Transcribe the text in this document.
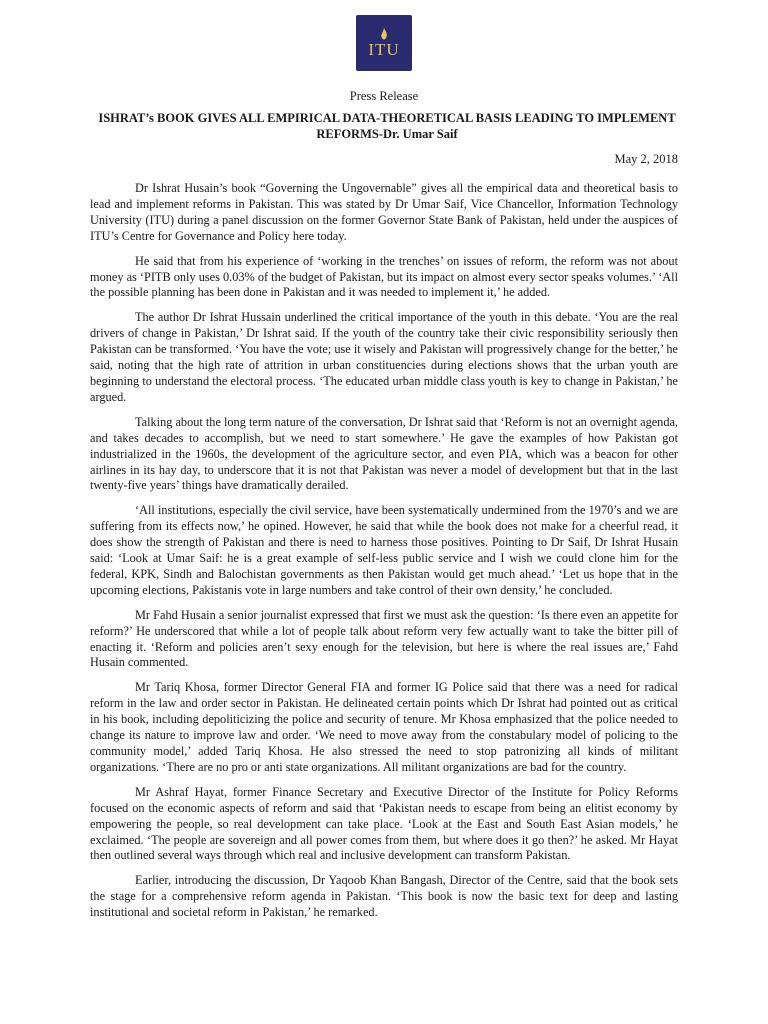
ITU
Press Release
ISHRAT’s BOOK GIVES ALL EMPIRICAL DATA-THEORETICAL BASIS LEADING TO IMPLEMENT REFORMS-Dr. Umar Saif
May 2, 2018

Dr Ishrat Husain’s book “Governing the Ungovernable” gives all the empirical data and theoretical basis to lead and implement reforms in Pakistan. This was stated by Dr Umar Saif, Vice Chancellor, Information Technology University (ITU) during a panel discussion on the former Governor State Bank of Pakistan, held under the auspices of ITU’s Centre for Governance and Policy here today.

He said that from his experience of ‘working in the trenches’ on issues of reform, the reform was not about money as ‘PITB only uses 0.03% of the budget of Pakistan, but its impact on almost every sector speaks volumes.’ ‘All the possible planning has been done in Pakistan and it was needed to implement it,’ he added.

The author Dr Ishrat Hussain underlined the critical importance of the youth in this debate. ‘You are the real drivers of change in Pakistan,’ Dr Ishrat said. If the youth of the country take their civic responsibility seriously then Pakistan can be transformed. ‘You have the vote; use it wisely and Pakistan will progressively change for the better,’ he said, noting that the high rate of attrition in urban constituencies during elections shows that the urban youth are beginning to understand the electoral process. ‘The educated urban middle class youth is key to change in Pakistan,’ he argued.

Talking about the long term nature of the conversation, Dr Ishrat said that ‘Reform is not an overnight agenda, and takes decades to accomplish, but we need to start somewhere.’ He gave the examples of how Pakistan got industrialized in the 1960s, the development of the agriculture sector, and even PIA, which was a beacon for other airlines in its hay day, to underscore that it is not that Pakistan was never a model of development but that in the last twenty-five years’ things have dramatically derailed.

‘All institutions, especially the civil service, have been systematically undermined from the 1970’s and we are suffering from its effects now,’ he opined. However, he said that while the book does not make for a cheerful read, it does show the strength of Pakistan and there is need to harness those positives. Pointing to Dr Saif, Dr Ishrat Husain said: ‘Look at Umar Saif: he is a great example of self-less public service and I wish we could clone him for the federal, KPK, Sindh and Balochistan governments as then Pakistan would get much ahead.’ ‘Let us hope that in the upcoming elections, Pakistanis vote in large numbers and take control of their own density,’ he concluded.

Mr Fahd Husain a senior journalist expressed that first we must ask the question: ‘Is there even an appetite for reform?’ He underscored that while a lot of people talk about reform very few actually want to take the bitter pill of enacting it. ‘Reform and policies aren’t sexy enough for the television, but here is where the real issues are,’ Fahd Husain commented.

Mr Tariq Khosa, former Director General FIA and former IG Police said that there was a need for radical reform in the law and order sector in Pakistan. He delineated certain points which Dr Ishrat had pointed out as critical in his book, including depoliticizing the police and security of tenure. Mr Khosa emphasized that the police needed to change its nature to improve law and order. ‘We need to move away from the constabulary model of policing to the community model,’ added Tariq Khosa. He also stressed the need to stop patronizing all kinds of militant organizations. ‘There are no pro or anti state organizations. All militant organizations are bad for the country.

Mr Ashraf Hayat, former Finance Secretary and Executive Director of the Institute for Policy Reforms focused on the economic aspects of reform and said that ‘Pakistan needs to escape from being an elitist economy by empowering the people, so real development can take place. ‘Look at the East and South East Asian models,’ he exclaimed. ‘The people are sovereign and all power comes from them, but where does it go then?’ he asked. Mr Hayat then outlined several ways through which real and inclusive development can transform Pakistan.

Earlier, introducing the discussion, Dr Yaqoob Khan Bangash, Director of the Centre, said that the book sets the stage for a comprehensive reform agenda in Pakistan. ‘This book is now the basic text for deep and lasting institutional and societal reform in Pakistan,’ he remarked.
